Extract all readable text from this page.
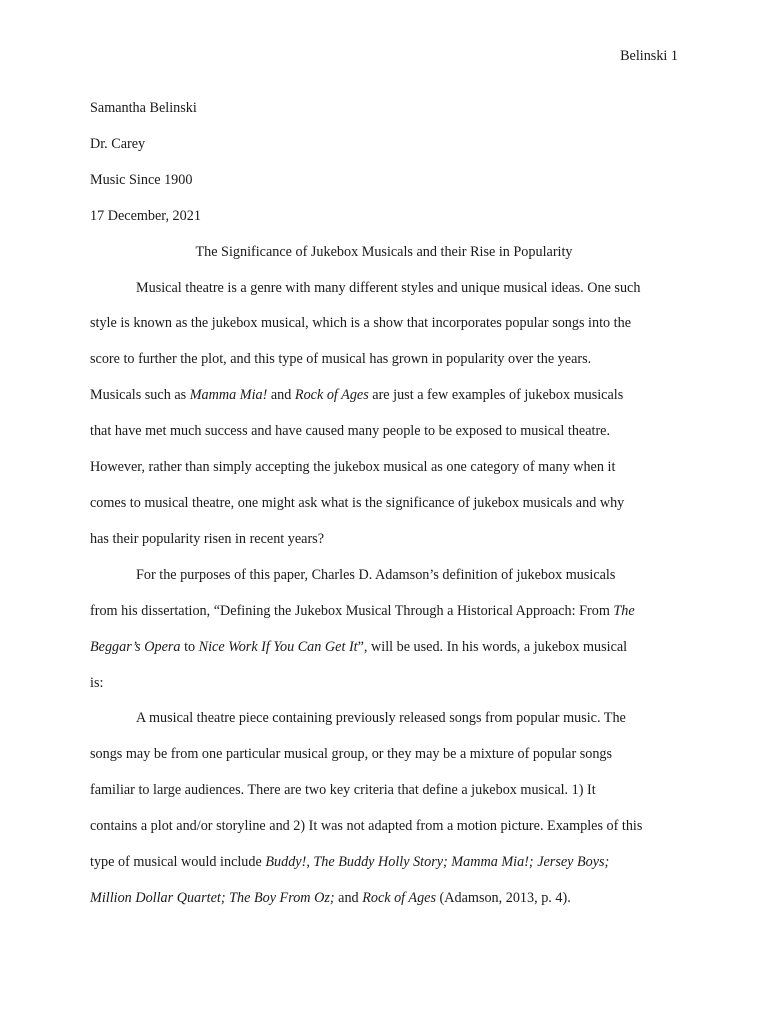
Belinski 1

Samantha Belinski

Dr. Carey

Music Since 1900

17 December, 2021

The Significance of Jukebox Musicals and their Rise in Popularity

Musical theatre is a genre with many different styles and unique musical ideas. One such
style is known as the jukebox musical, which is a show that incorporates popular songs into the
score to further the plot, and this type of musical has grown in popularity over the years.
Musicals such as Mamma Mia! and Rock of Ages are just a few examples of jukebox musicals
that have met much success and have caused many people to be exposed to musical theatre.
However, rather than simply accepting the jukebox musical as one category of many when it
comes to musical theatre, one might ask what is the significance of jukebox musicals and why
has their popularity risen in recent years?
For the purposes of this paper, Charles D. Adamson’s definition of jukebox musicals
from his dissertation, “Defining the Jukebox Musical Through a Historical Approach: From The
Beggar’s Opera to Nice Work If You Can Get It”, will be used. In his words, a jukebox musical
is:
A musical theatre piece containing previously released songs from popular music. The
songs may be from one particular musical group, or they may be a mixture of popular songs
familiar to large audiences. There are two key criteria that define a jukebox musical. 1) It
contains a plot and/or storyline and 2) It was not adapted from a motion picture. Examples of this
type of musical would include Buddy!, The Buddy Holly Story; Mamma Mia!; Jersey Boys;
Million Dollar Quartet; The Boy From Oz; and Rock of Ages (Adamson, 2013, p. 4).
